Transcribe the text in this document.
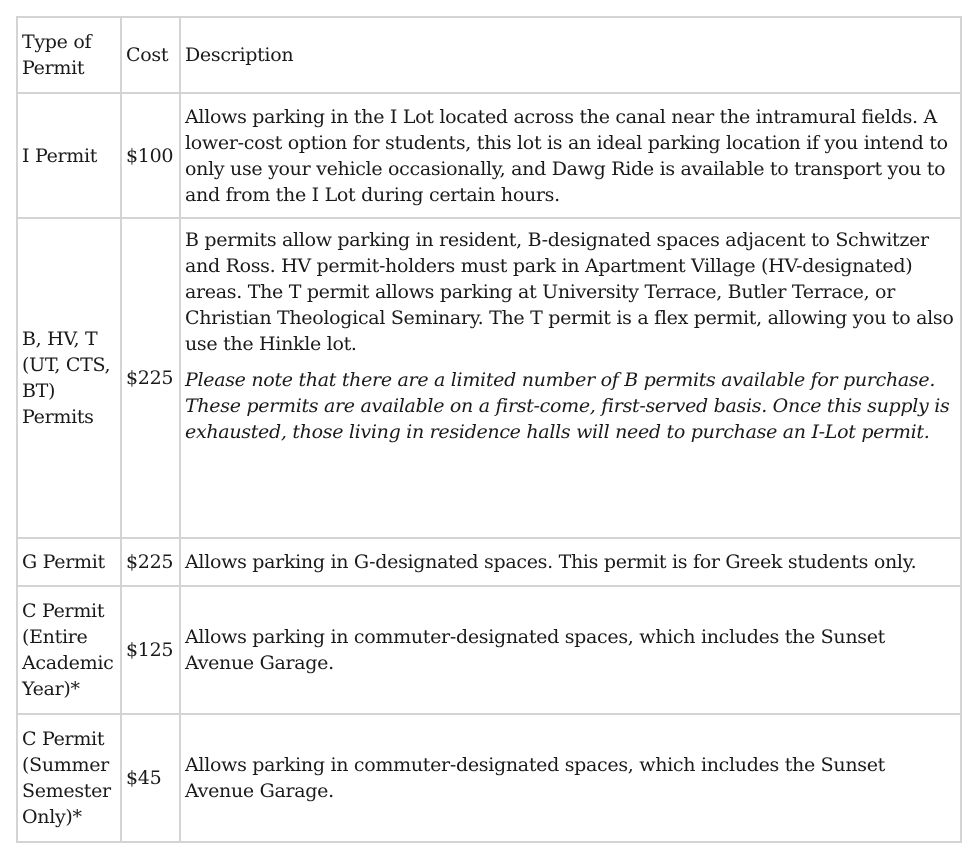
Type of Permit	Cost	Description
I Permit	$100	Allows parking in the I Lot located across the canal near the intramural fields. A lower-cost option for students, this lot is an ideal parking location if you intend to only use your vehicle occasionally, and Dawg Ride is available to transport you to and from the I Lot during certain hours.
B, HV, T (UT, CTS, BT) Permits	$225	B permits allow parking in resident, B-designated spaces adjacent to Schwitzer and Ross. HV permit-holders must park in Apartment Village (HV-designated) areas. The T permit allows parking at University Terrace, Butler Terrace, or Christian Theological Seminary. The T permit is a flex permit, allowing you to also use the Hinkle lot.
Please note that there are a limited number of B permits available for purchase. These permits are available on a first-come, first-served basis. Once this supply is exhausted, those living in residence halls will need to purchase an I-Lot permit.

G Permit	$225	Allows parking in G-designated spaces. This permit is for Greek students only.
C Permit (Entire Academic Year)*	$125	Allows parking in commuter-designated spaces, which includes the Sunset Avenue Garage.
C Permit (Summer Semester Only)*	$45	Allows parking in commuter-designated spaces, which includes the Sunset Avenue Garage.
